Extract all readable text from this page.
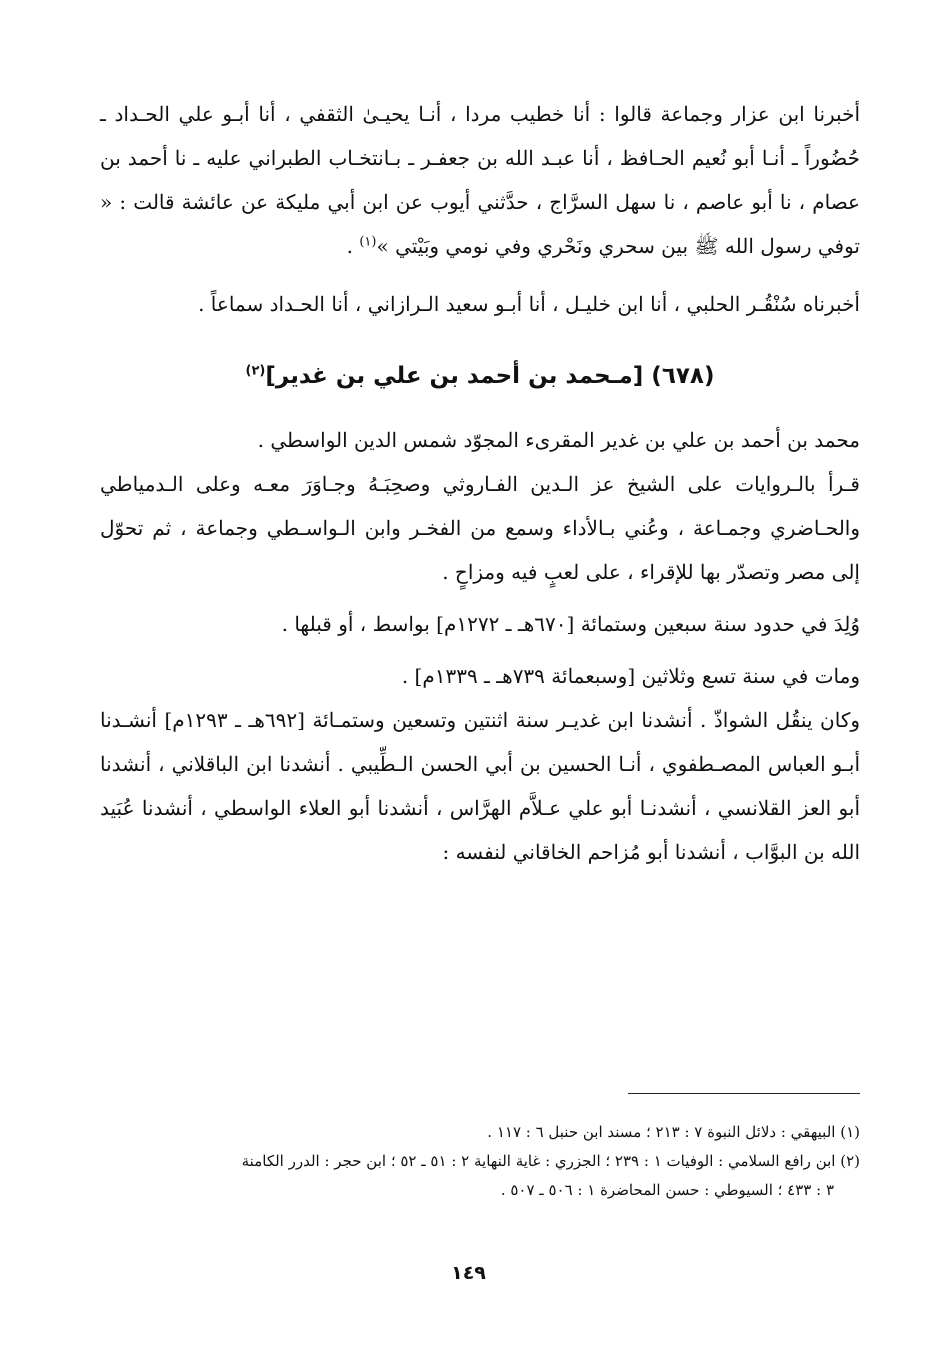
أخبرنا ابن عزار وجماعة قالوا : أنا خطيب مردا ، أنـا يحيـىٰ الثقفي ، أنا أبـو علي الحـداد ـ حُضُوراً ـ أنـا أبو نُعيم الحـافظ ، أنا عبـد الله بن جعفـر ـ بـانتخـاب الطبراني عليه ـ نا أحمد بن عصام ، نا أبو عاصم ، نا سهل السرَّاج ، حدَّثني أيوب عن ابن أبي مليكة عن عائشة قالت : « توفي رسول الله ﷺ بين سحري ونَحْري وفي نومي وبَيْتي »$^{(١)}$ .

أخبرناه سُنْقُـر الحلبي ، أنا ابن خليـل ، أنا أبـو سعيد الـرازاني ، أنا الحـداد سماعاً .

(٦٧٨) [مـحمد بن أحمد بن علي بن غدير]$^{(٢)}$

محمد بن أحمد بن علي بن غدير المقرىء المجوّد شمس الدين الواسطي .

قـرأ بالـروايات على الشيخ عز الـدين الفـاروثي وصحِبَـهُ وجـاوَرَ معـه وعلى الـدمياطي والحـاضري وجمـاعة ، وعُني بـالأداء وسمع من الفخـر وابن الـواسـطي وجماعة ، ثم تحوّل إلى مصر وتصدّر بها للإقراء ، على لعبٍ فيه ومزاحٍ .

وُلِدَ في حدود سنة سبعين وستمائة [٦٧٠هـ ـ ١٢٧٢م] بواسط ، أو قبلها .

ومات في سنة تسع وثلاثين [وسبعمائة ٧٣٩هـ ـ ١٣٣٩م] .

وكان ينقُل الشواذّ . أنشدنا ابن غديـر سنة اثنتين وتسعين وستمـائة [٦٩٢هـ ـ ١٢٩٣م] أنشـدنا أبـو العباس المصـطفوي ، أنـا الحسين بن أبي الحسن الـطِّيبي . أنشدنا ابن الباقلاني ، أنشدنا أبو العز القلانسي ، أنشدنـا أبو علي عـلاَّم الهرَّاس ، أنشدنا أبو العلاء الواسطي ، أنشدنا عُبَيد الله بن البوَّاب ، أنشدنا أبو مُزاحم الخاقاني لنفسه :

(١) البيهقي : دلائل النبوة ٧ : ٢١٣ ؛ مسند ابن حنبل ٦ : ١١٧ .

(٢) ابن رافع السلامي : الوفيات ١ : ٢٣٩ ؛ الجزري : غاية النهاية ٢ : ٥١ ـ ٥٢ ؛ ابن حجر : الدرر الكامنة

٣ : ٤٣٣ ؛ السيوطي : حسن المحاضرة ١ : ٥٠٦ ـ ٥٠٧ .

١٤٩
